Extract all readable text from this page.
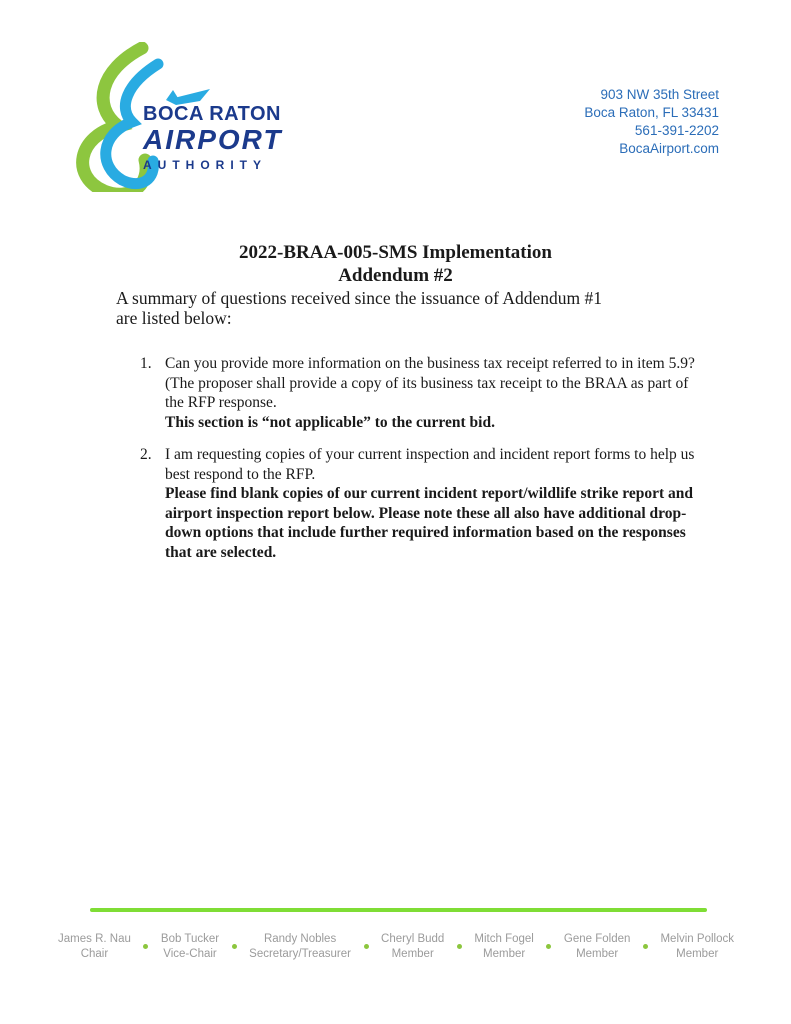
BOCA RATON
AIRPORT
AUTHORITY
903 NW 35th Street
Boca Raton, FL 33431
561-391-2202
BocaAirport.com
2022-BRAA-005-SMS Implementation
Addendum #2
A summary of questions received since the issuance of Addendum #1
are listed below:
1. Can you provide more information on the business tax receipt referred to in item 5.9? (The proposer shall provide a copy of its business tax receipt to the BRAA as part of the RFP response.
This section is “not applicable” to the current bid.
2. I am requesting copies of your current inspection and incident report forms to help us best respond to the RFP.
Please find blank copies of our current incident report/wildlife strike report and airport inspection report below. Please note these all also have additional drop-down options that include further required information based on the responses that are selected.
James R. Nau
Chair
Bob Tucker
Vice-Chair
Randy Nobles
Secretary/Treasurer
Cheryl Budd
Member
Mitch Fogel
Member
Gene Folden
Member
Melvin Pollock
Member
